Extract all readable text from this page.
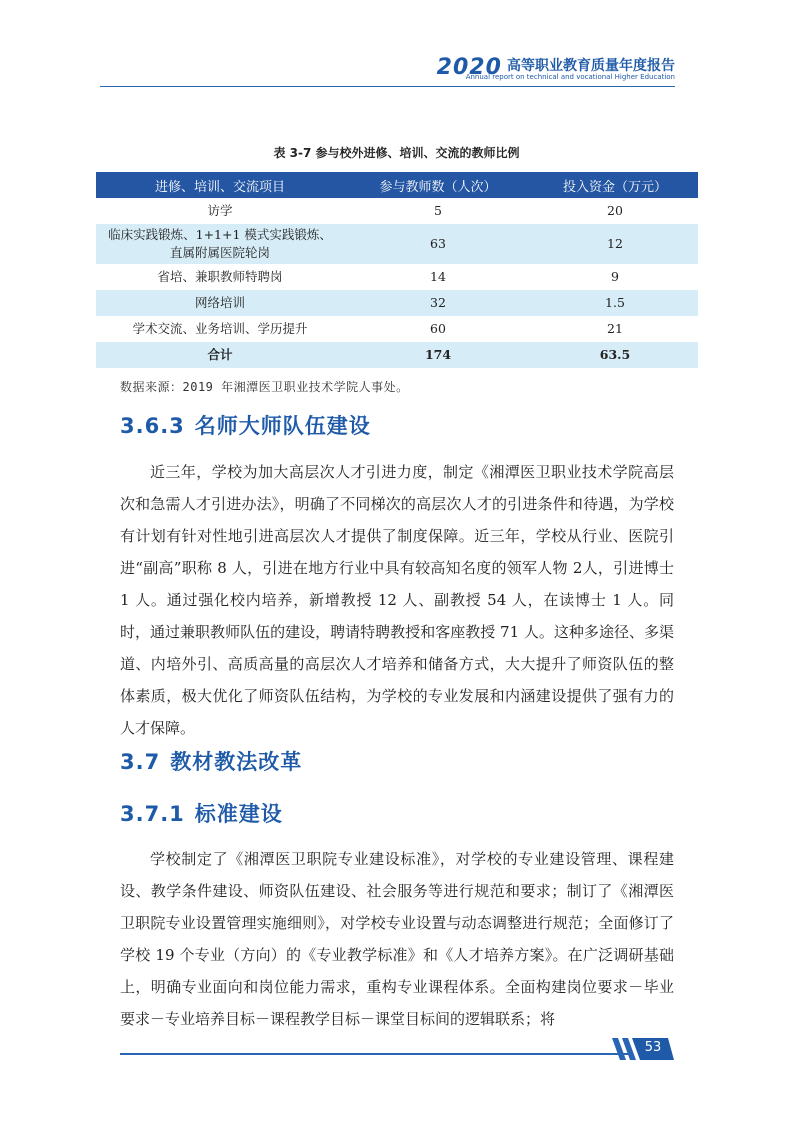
2020 高等职业教育质量年度报告
Annual report on technical and vocational Higher Education
表 3-7 参与校外进修、培训、交流的教师比例
进修、培训、交流项目	参与教师数（人次）	投入资金（万元）
访学	5	20
临床实践锻炼、1+1+1 模式实践锻炼、直属附属医院轮岗	63	12
省培、兼职教师特聘岗	14	9
网络培训	32	1.5
学术交流、业务培训、学历提升	60	21
合计	174	63.5
数据来源：2019 年湘潭医卫职业技术学院人事处。
3.6.3 名师大师队伍建设

近三年，学校为加大高层次人才引进力度，制定《湘潭医卫职业技术学院高层次和急需人才引进办法》，明确了不同梯次的高层次人才的引进条件和待遇，为学校有计划有针对性地引进高层次人才提供了制度保障。近三年，学校从行业、医院引进“副高”职称 8 人，引进在地方行业中具有较高知名度的领军人物 2人，引进博士 1 人。通过强化校内培养，新增教授 12 人、副教授 54 人，在读博士 1 人。同时，通过兼职教师队伍的建设，聘请特聘教授和客座教授 71 人。这种多途径、多渠道、内培外引、高质高量的高层次人才培养和储备方式，大大提升了师资队伍的整体素质，极大优化了师资队伍结构，为学校的专业发展和内涵建设提供了强有力的人才保障。

3.7 教材教法改革
3.7.1 标准建设

学校制定了《湘潭医卫职院专业建设标准》，对学校的专业建设管理、课程建设、教学条件建设、师资队伍建设、社会服务等进行规范和要求；制订了《湘潭医卫职院专业设置管理实施细则》，对学校专业设置与动态调整进行规范；全面修订了学校 19 个专业（方向）的《专业教学标准》和《人才培养方案》。在广泛调研基础上，明确专业面向和岗位能力需求，重构专业课程体系。全面构建岗位要求－毕业要求－专业培养目标－课程教学目标－课堂目标间的逻辑联系；将

53
